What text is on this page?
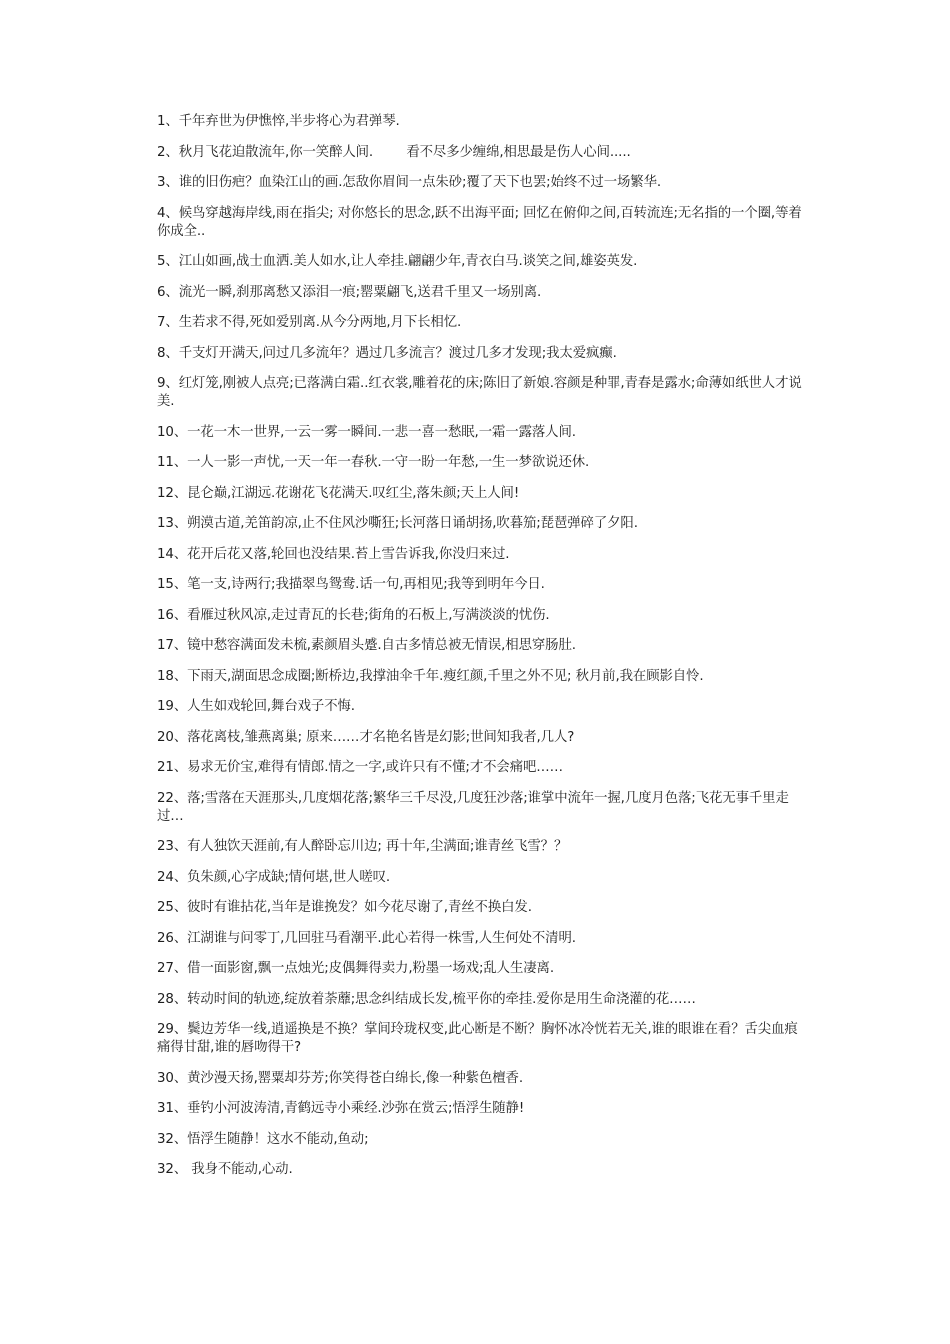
1、千年弃世为伊憔悴,半步将心为君弹琴.

2、秋月飞花迫散流年,你一笑醉人间.        看不尽多少缠绵,相思最是伤人心间.....

3、谁的旧伤疤？血染江山的画.怎敌你眉间一点朱砂;覆了天下也罢;始终不过一场繁华.

4、候鸟穿越海岸线,雨在指尖; 对你悠长的思念,跃不出海平面; 回忆在俯仰之间,百转流连;无名指的一个圈,等着你成全..

5、江山如画,战士血洒.美人如水,让人牵挂.翩翩少年,青衣白马.谈笑之间,雄姿英发.

6、流光一瞬,刹那离愁又添泪一痕;罂粟翩飞,送君千里又一场别离.

7、生若求不得,死如爱别离.从今分两地,月下长相忆.

8、千支灯开满天,问过几多流年？遇过几多流言？渡过几多才发现;我太爱疯癫.

9、红灯笼,刚被人点亮;已落满白霜..红衣裳,雕着花的床;陈旧了新娘.容颜是种罪,青春是露水;命薄如纸世人才说美.

10、一花一木一世界,一云一雾一瞬间.一悲一喜一愁眠,一霜一露落人间.

11、一人一影一声忧,一天一年一春秋.一守一盼一年愁,一生一梦欲说还休.

12、昆仑巅,江湖远.花谢花飞花满天.叹红尘,落朱颜;天上人间!

13、朔漠古道,羌笛韵凉,止不住风沙嘶狂;长河落日诵胡扬,吹暮笳;琵琶弹碎了夕阳.

14、花开后花又落,轮回也没结果.苔上雪告诉我,你没归来过.

15、笔一支,诗两行;我描翠鸟鸳鸯.话一句,再相见;我等到明年今日.

16、看雁过秋风凉,走过青瓦的长巷;街角的石板上,写满淡淡的忧伤.

17、镜中愁容满面发未梳,素颜眉头蹙.自古多情总被无情误,相思穿肠肚.

18、下雨天,湖面思念成圈;断桥边,我撑油伞千年.瘦红颜,千里之外不见; 秋月前,我在顾影自怜.

19、人生如戏轮回,舞台戏子不悔.

20、落花离枝,雏燕离巢; 原来……才名艳名皆是幻影;世间知我者,几人?

21、易求无价宝,难得有情郎.情之一字,或许只有不懂;才不会痛吧……

22、落;雪落在天涯那头,几度烟花落;繁华三千尽没,几度狂沙落;谁掌中流年一握,几度月色落;飞花无事千里走过…

23、有人独饮天涯前,有人醉卧忘川边; 再十年,尘满面;谁青丝飞雪？？

24、负朱颜,心字成缺;情何堪,世人嗟叹.

25、彼时有谁拈花,当年是谁挽发？如今花尽谢了,青丝不换白发.

26、江湖谁与问零丁,几回驻马看潮平.此心若得一株雪,人生何处不清明.

27、借一面影窗,飘一点烛光;皮偶舞得卖力,粉墨一场戏;乱人生凄离.

28、转动时间的轨迹,绽放着荼蘼;思念纠结成长发,梳平你的牵挂.爱你是用生命浇灌的花……

29、鬓边芳华一线,逍遥换是不换？掌间玲珑权变,此心断是不断？胸怀冰冷恍若无关,谁的眼谁在看？舌尖血痕痛得甘甜,谁的唇吻得干?

30、黄沙漫天扬,罂粟却芬芳;你笑得苍白绵长,像一种紫色檀香.

31、垂钓小河波涛清,青鹤远寺小乘经.沙弥在赏云;悟浮生随静!

32、悟浮生随静！这水不能动,鱼动;

32、 我身不能动,心动.
